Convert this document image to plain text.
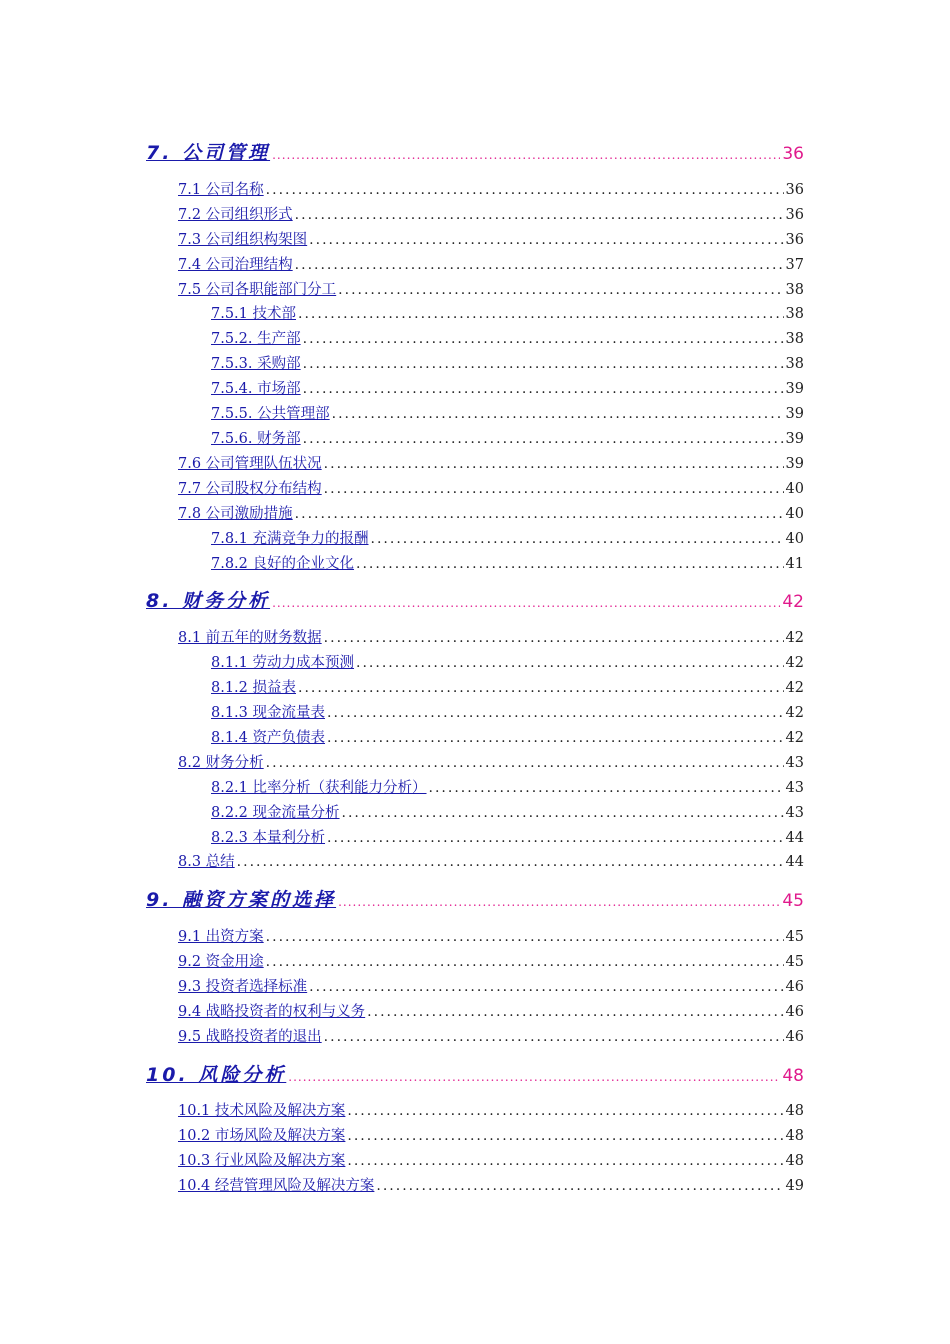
7. 公司管理 .....	36
7.1 公司名称 .....	36
7.2 公司组织形式 .....	36
7.3 公司组织构架图 .....	36
7.4 公司治理结构 .....	37
7.5 公司各职能部门分工 .....	38
7.5.1 技术部 .....	38
7.5.2. 生产部 .....	38
7.5.3. 采购部 .....	38
7.5.4. 市场部 .....	39
7.5.5. 公共管理部 .....	39
7.5.6. 财务部 .....	39
7.6 公司管理队伍状况 .....	39
7.7 公司股权分布结构 .....	40
7.8 公司激励措施 .....	40
7.8.1 充满竞争力的报酬 .....	40
7.8.2 良好的企业文化 .....	41
8. 财务分析 .....	42
8.1 前五年的财务数据 .....	42
8.1.1 劳动力成本预测 .....	42
8.1.2 损益表 .....	42
8.1.3 现金流量表 .....	42
8.1.4 资产负债表 .....	42
8.2 财务分析 .....	43
8.2.1 比率分析（获利能力分析） .....	43
8.2.2 现金流量分析 .....	43
8.2.3 本量利分析 .....	44
8.3 总结 .....	44
9. 融资方案的选择 .....	45
9.1 出资方案 .....	45
9.2 资金用途 .....	45
9.3 投资者选择标准 .....	46
9.4 战略投资者的权利与义务 .....	46
9.5 战略投资者的退出 .....	46
10. 风险分析 .....	48
10.1 技术风险及解决方案 .....	48
10.2 市场风险及解决方案 .....	48
10.3 行业风险及解决方案 .....	48
10.4 经营管理风险及解决方案 .....	49
